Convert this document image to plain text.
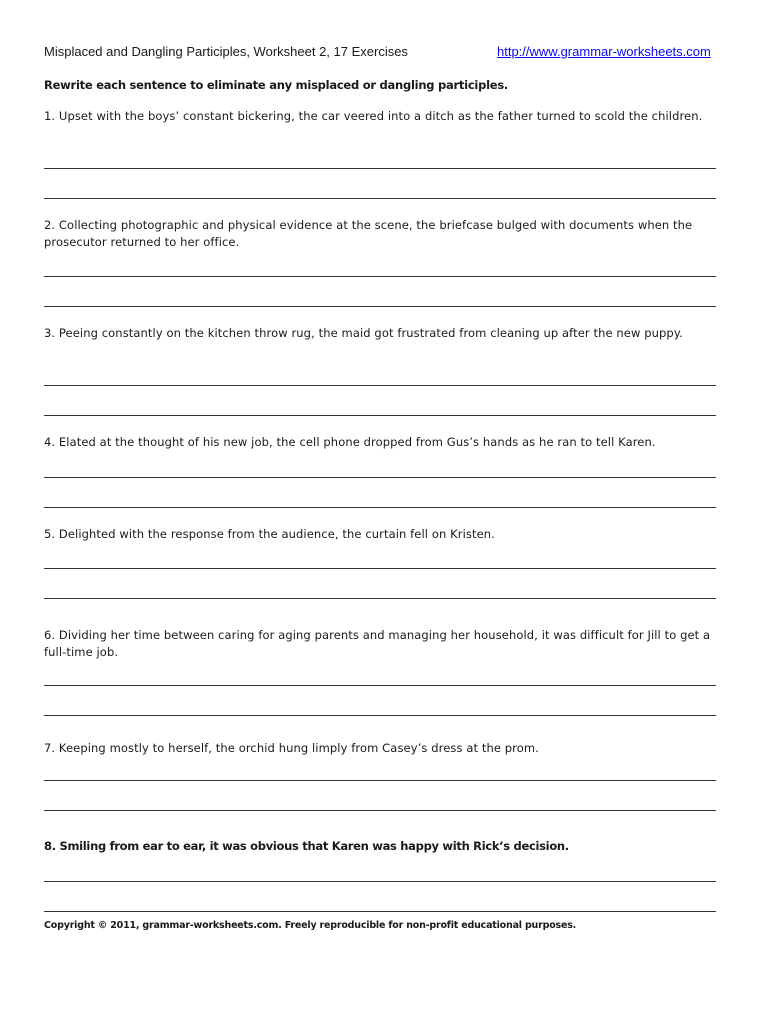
Misplaced and Dangling Participles, Worksheet 2, 17 Exercises	http://www.grammar-worksheets.com
Rewrite each sentence to eliminate any misplaced or dangling participles.
1. Upset with the boys’ constant bickering, the car veered into a ditch as the father turned to scold the children.
2. Collecting photographic and physical evidence at the scene, the briefcase bulged with documents when the prosecutor returned to her office.
3. Peeing constantly on the kitchen throw rug, the maid got frustrated from cleaning up after the new puppy.
4. Elated at the thought of his new job, the cell phone dropped from Gus’s hands as he ran to tell Karen.
5. Delighted with the response from the audience, the curtain fell on Kristen.
6. Dividing her time between caring for aging parents and managing her household, it was difficult for Jill to get a full-time job.
7. Keeping mostly to herself, the orchid hung limply from Casey’s dress at the prom.
8. Smiling from ear to ear, it was obvious that Karen was happy with Rick’s decision.
Copyright © 2011, grammar-worksheets.com. Freely reproducible for non-profit educational purposes.
